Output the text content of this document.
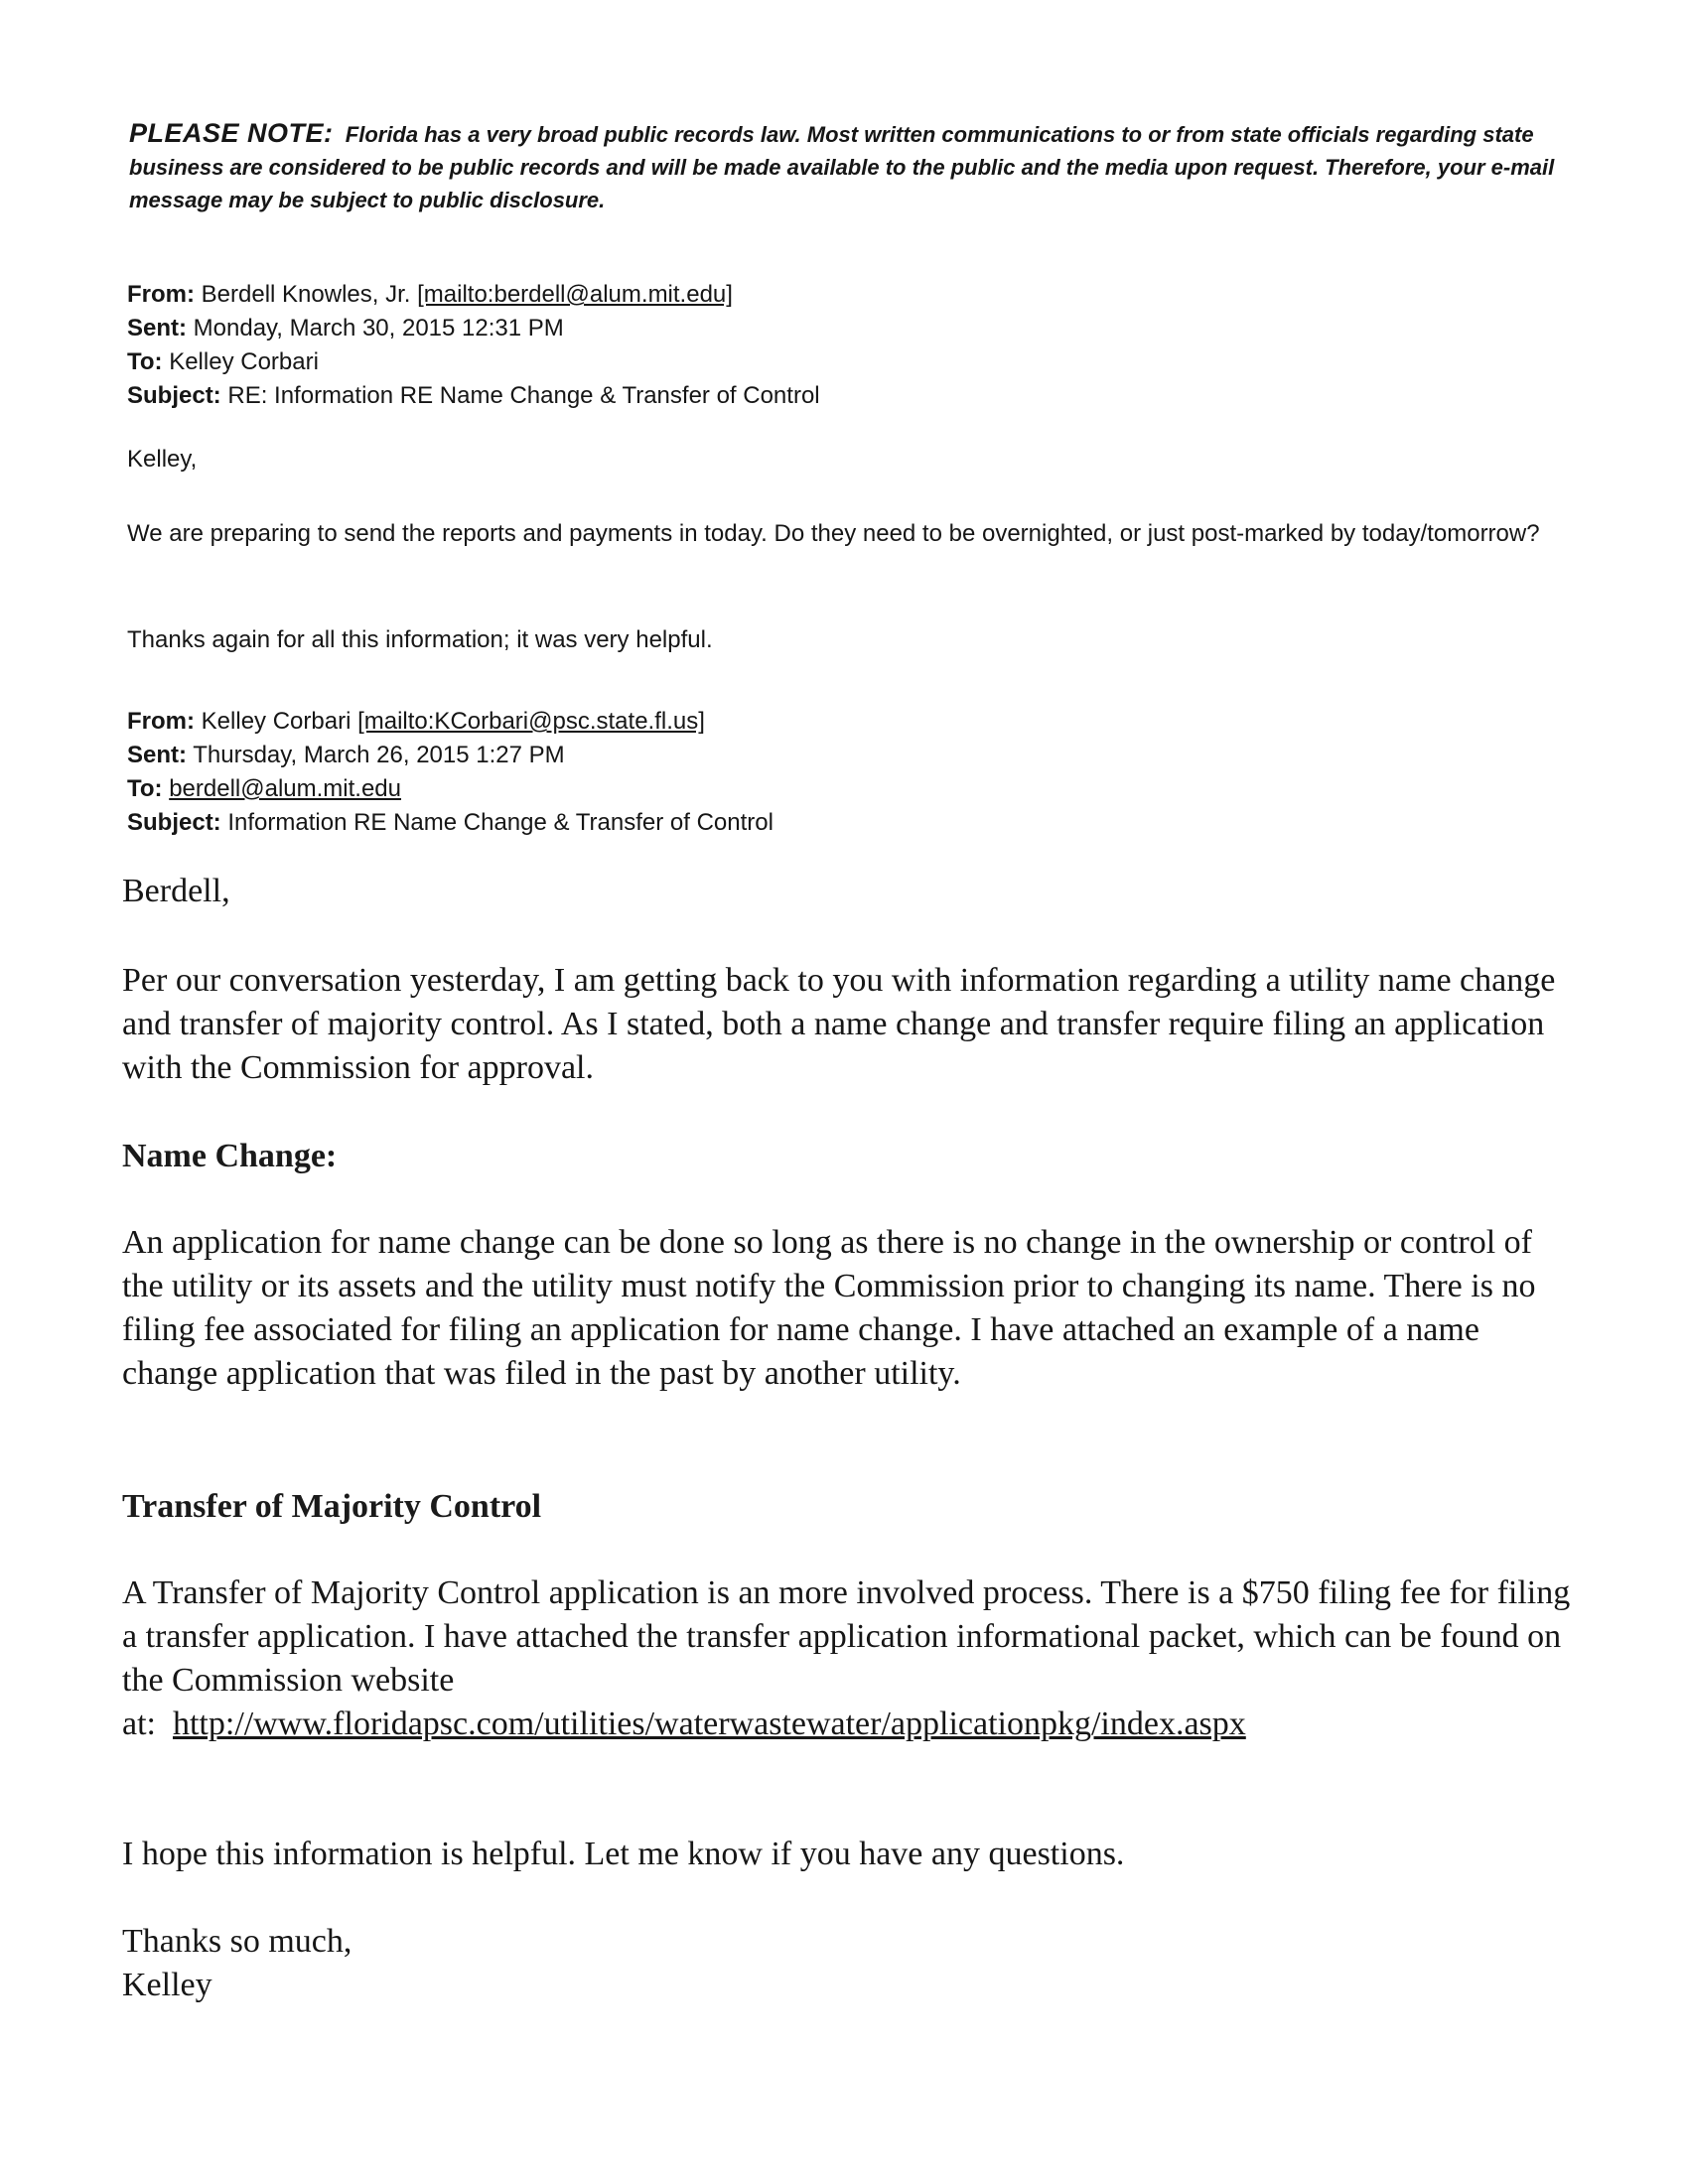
PLEASE NOTE: Florida has a very broad public records law. Most written communications to or from state officials regarding state business are considered to be public records and will be made available to the public and the media upon request. Therefore, your e-mail message may be subject to public disclosure.
From: Berdell Knowles, Jr. [mailto:berdell@alum.mit.edu]
Sent: Monday, March 30, 2015 12:31 PM
To: Kelley Corbari
Subject: RE: Information RE Name Change & Transfer of Control
Kelley,
We are preparing to send the reports and payments in today. Do they need to be overnighted, or just post-marked by today/tomorrow?
Thanks again for all this information; it was very helpful.
From: Kelley Corbari [mailto:KCorbari@psc.state.fl.us]
Sent: Thursday, March 26, 2015 1:27 PM
To: berdell@alum.mit.edu
Subject: Information RE Name Change & Transfer of Control
Berdell,
Per our conversation yesterday, I am getting back to you with information regarding a utility name change and transfer of majority control. As I stated, both a name change and transfer require filing an application with the Commission for approval.
Name Change:
An application for name change can be done so long as there is no change in the ownership or control of the utility or its assets and the utility must notify the Commission prior to changing its name. There is no filing fee associated for filing an application for name change. I have attached an example of a name change application that was filed in the past by another utility.
Transfer of Majority Control
A Transfer of Majority Control application is an more involved process. There is a $750 filing fee for filing a transfer application. I have attached the transfer application informational packet, which can be found on the Commission website
at: http://www.floridapsc.com/utilities/waterwastewater/applicationpkg/index.aspx
I hope this information is helpful. Let me know if you have any questions.
Thanks so much,
Kelley
